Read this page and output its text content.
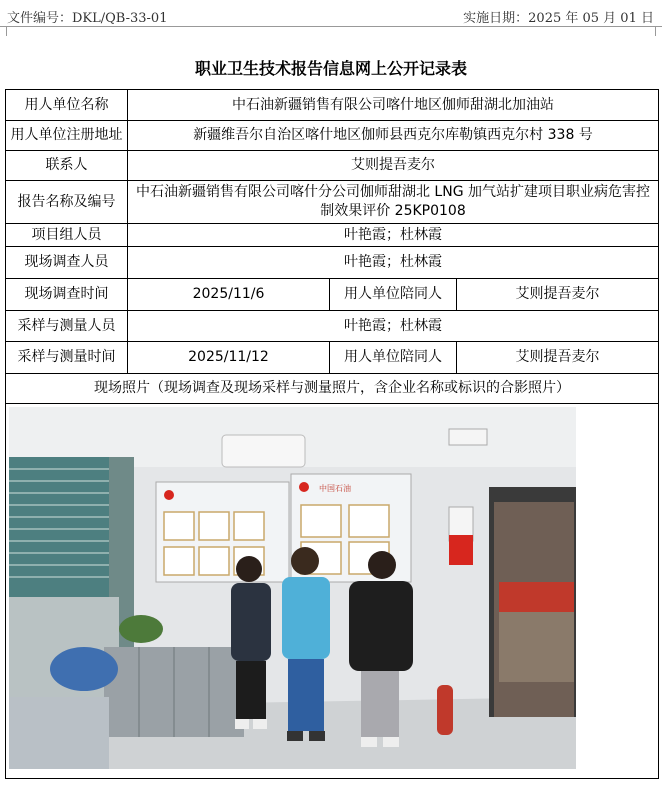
文件编号：DKL/QB-33-01	实施日期：2025 年 05 月 01 日
职业卫生技术报告信息网上公开记录表
用人单位名称	中石油新疆销售有限公司喀什地区伽师甜湖北加油站		
用人单位注册地址	新疆维吾尔自治区喀什地区伽师县西克尔库勒镇西克尔村 338 号		
联系人	艾则提吾麦尔		
报告名称及编号	中石油新疆销售有限公司喀什分公司伽师甜湖北 LNG 加气站扩建项目职业病危害控制效果评价 25KP0108		
项目组人员	叶艳霞；杜林霞		
现场调查人员	叶艳霞；杜林霞		
现场调查时间	2025/11/6	用人单位陪同人	艾则提吾麦尔
采样与测量人员	叶艳霞；杜林霞		
采样与测量时间	2025/11/12	用人单位陪同人	艾则提吾麦尔
现场照片（现场调查及现场采样与测量照片，含企业名称或标识的合影照片）			

中国石油			
